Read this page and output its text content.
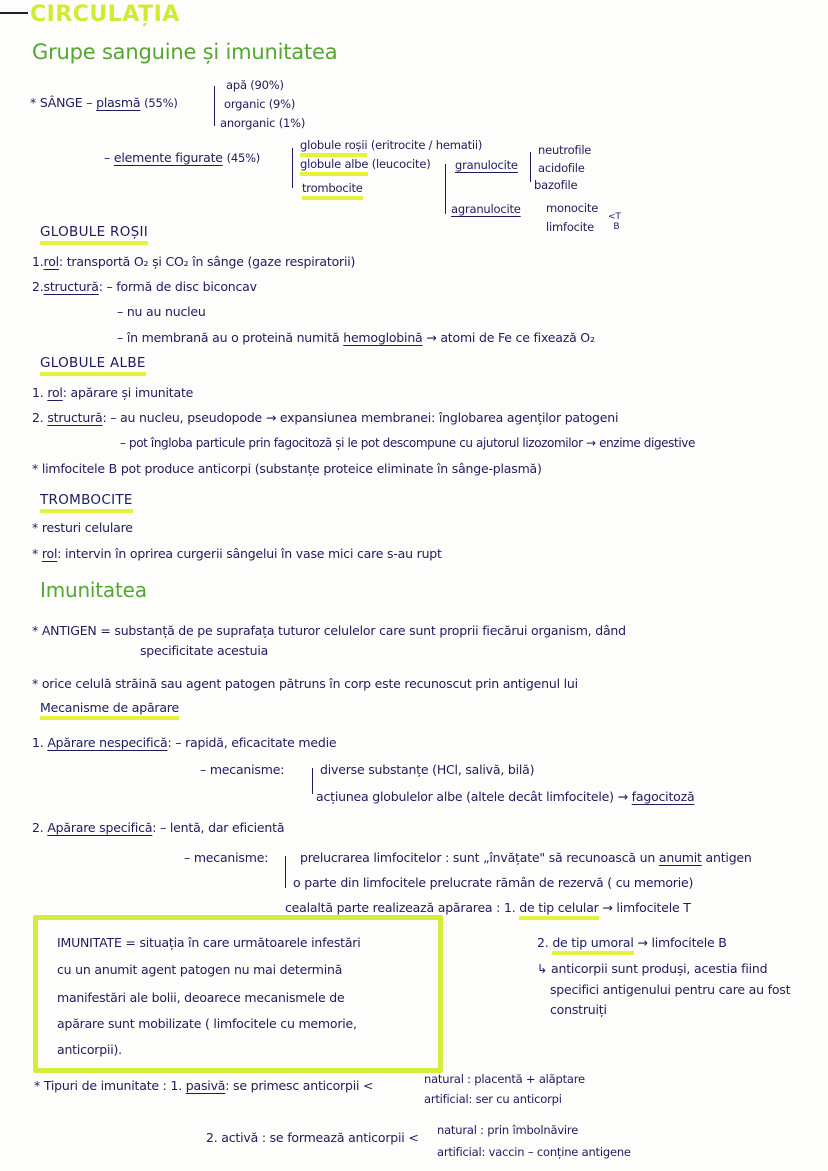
CIRCULAȚIA
Grupe sanguine și imunitatea
* SÂNGE – plasmă (55%)
apă (90%)
organic (9%)
anorganic (1%)
– elemente figurate (45%)
globule roșii (eritrocite / hematii)
globule albe (leucocite)
trombocite
granulocite
neutrofile
acidofile
bazofile
agranulocite monocite
limfocite
<T
B
GLOBULE ROȘII
1.rol: transportă O₂ și CO₂ în sânge (gaze respiratorii)
2.structură: – formă de disc biconcav
– nu au nucleu
– în membrană au o proteină numită hemoglobină → atomi de Fe ce fixează O₂
GLOBULE ALBE
1. rol: apărare și imunitate
2. structură: – au nucleu, pseudopode → expansiunea membranei: înglobarea agenților patogeni
– pot îngloba particule prin fagocitoză și le pot descompune cu ajutorul lizozomilor → enzime digestive
* limfocitele B pot produce anticorpi (substanțe proteice eliminate în sânge-plasmă)
TROMBOCITE
* resturi celulare
* rol: intervin în oprirea curgerii sângelui în vase mici care s-au rupt
Imunitatea
* ANTIGEN = substanță de pe suprafața tuturor celulelor care sunt proprii fiecărui organism, dând
specificitate acestuia
* orice celulă străină sau agent patogen pătruns în corp este recunoscut prin antigenul lui
Mecanisme de apărare
1. Apărare nespecifică: – rapidă, eficacitate medie
– mecanisme:	diverse substanțe (HCl, salivă, bilă)
acțiunea globulelor albe (altele decât limfocitele) → fagocitoză
2. Apărare specifică: – lentă, dar eficientă
– mecanisme:	prelucrarea limfocitelor : sunt „învățate" să recunoască un anumit antigen
o parte din limfocitele prelucrate rămân de rezervă ( cu memorie)
cealaltă parte realizează apărarea : 1. de tip celular → limfocitele T
2. de tip umoral → limfocitele B
↳ anticorpii sunt produși, acestia fiind
specifici antigenului pentru care au fost
construiți
IMUNITATE = situația în care următoarele infestări
cu un anumit agent patogen nu mai determină
manifestări ale bolii, deoarece mecanismele de
apărare sunt mobilizate ( limfocitele cu memorie,
anticorpii).
* Tipuri de imunitate : 1. pasivă: se primesc anticorpii <	natural : placentă + alăptare
artificial: ser cu anticorpi
2. activă : se formează anticorpii < natural : prin îmbolnăvire
artificial: vaccin – conține antigene
